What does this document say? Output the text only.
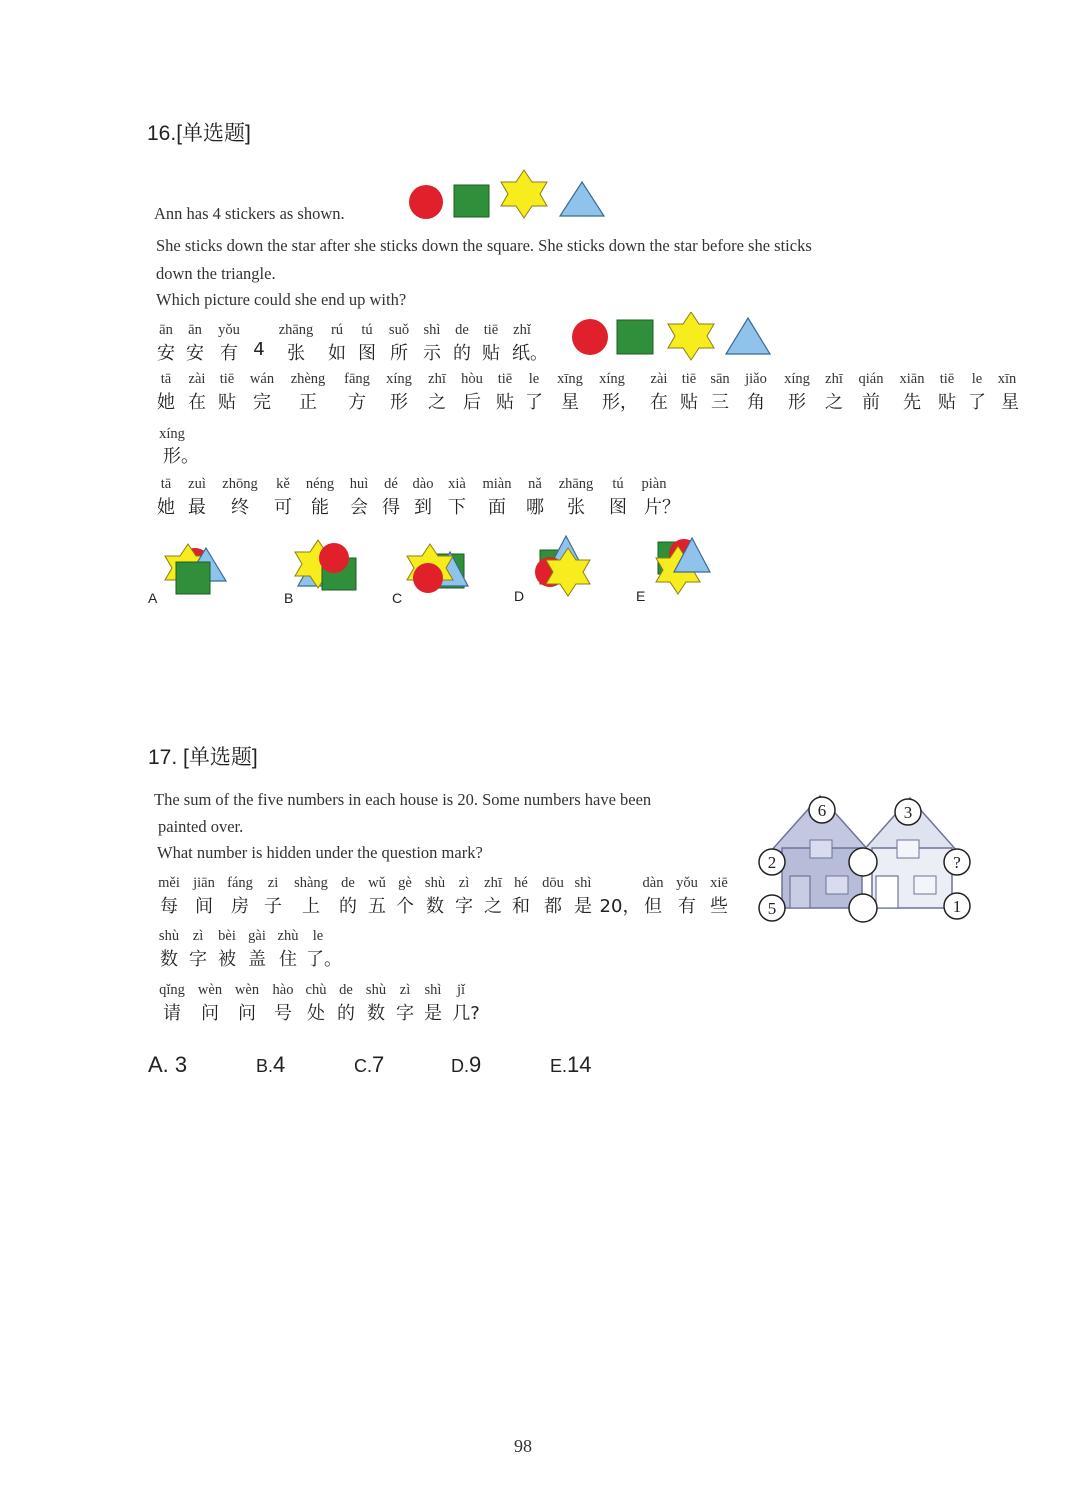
16.[单选题]
Ann has 4 stickers as shown.
She sticks down the star after she sticks down the square. She sticks down the star before she sticks
down the triangle.
Which picture could she end up with?
ān
安
ān
安
yǒu
有 4
zhāng
张
rú
如
tú
图
suǒ
所
shì
示
de
的
tiē
贴
zhǐ
纸。
tā
她
zài
在
tiē
贴
wán
完
zhèng
正
fāng
方
xíng
形
zhī
之
hòu
后
tiē
贴
le
了
xīng
星
xíng
形，
zài
在
tiē
贴
sān
三
jiǎo
角
xíng
形
zhī
之
qián
前
xiān
先
tiē
贴
le
了
xīn
星
xíng
形。
tā
她
zuì
最
zhōng
终
kě
可
néng
能
huì
会
dé
得
dào
到
xià
下
miàn
面
nǎ
哪
zhāng
张
tú
图
piàn
片？
A	B	C	D	E
17. [单选题]
The sum of the five numbers in each house is 20. Some numbers have been
painted over.
What number is hidden under the question mark?
měi
每
jiān
间
fáng
房
zi
子
shàng
上
de
的
wǔ
五
gè
个
shù
数
zì
字
zhī
之
hé
和
dōu
都
shì
是 20，
dàn
但
yǒu
有
xiē
些
shù
数
zì
字
bèi
被
gài
盖
zhù
住
le
了。
qǐng
请
wèn
问
wèn
问
hào
号
chù
处
de
的
shù
数
zì
字
shì
是
jǐ
几?
6	3
2	?
5	1
A. 3	B.4	C.7	D.9	E.14
98
